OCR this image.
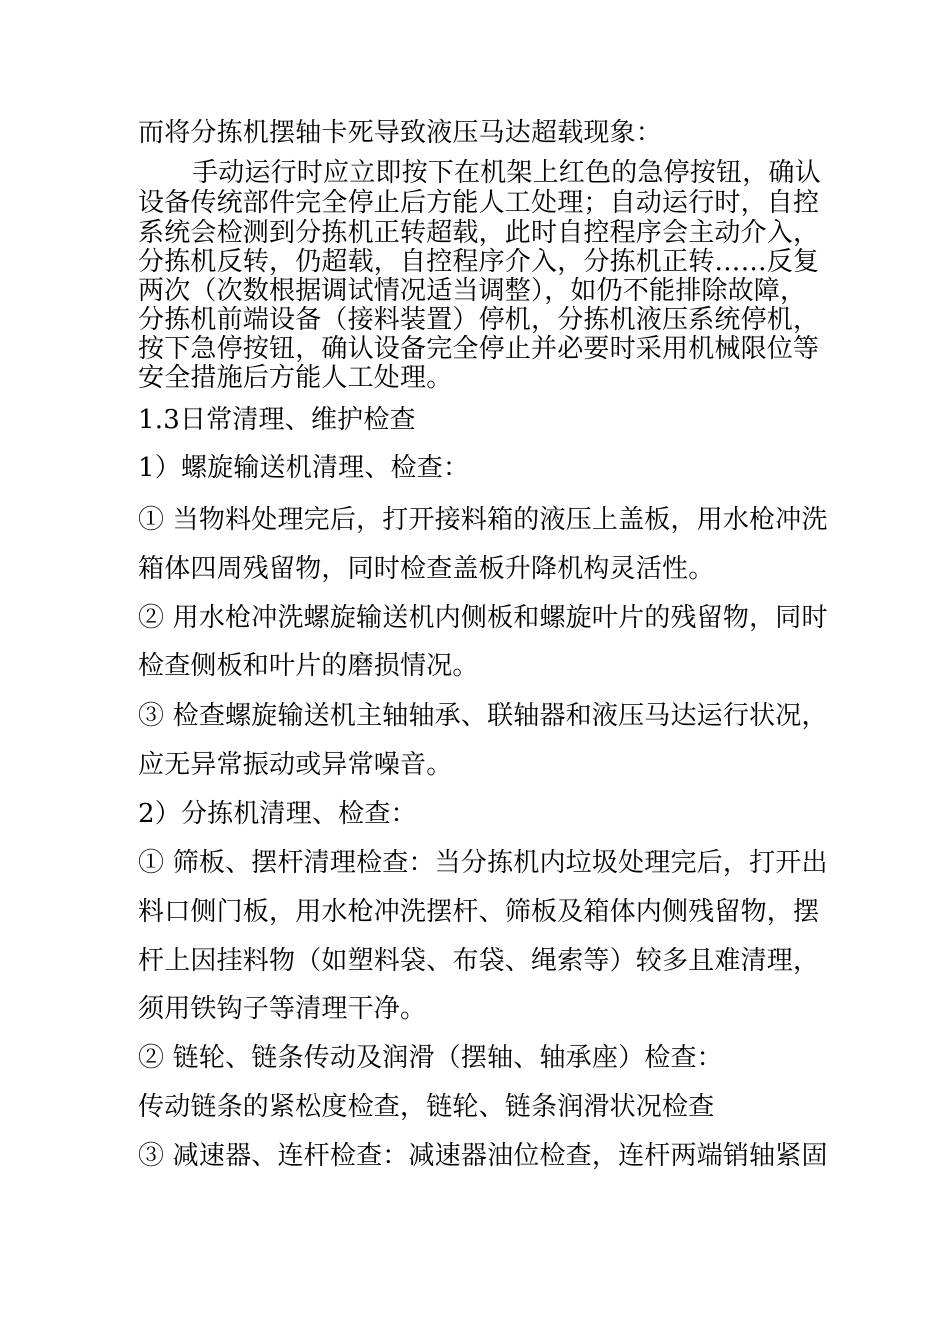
而将分拣机摆轴卡死导致液压马达超载现象：
手动运行时应立即按下在机架上红色的急停按钮，确认
设备传统部件完全停止后方能人工处理；自动运行时，自控
系统会检测到分拣机正转超载，此时自控程序会主动介入，
分拣机反转，仍超载，自控程序介入，分拣机正转……反复
两次（次数根据调试情况适当调整），如仍不能排除故障，
分拣机前端设备（接料装置）停机，分拣机液压系统停机，
按下急停按钮，确认设备完全停止并必要时采用机械限位等
安全措施后方能人工处理。
1.3日常清理、维护检查
1）螺旋输送机清理、检查：
① 当物料处理完后，打开接料箱的液压上盖板，用水枪冲洗
箱体四周残留物，同时检查盖板升降机构灵活性。
② 用水枪冲洗螺旋输送机内侧板和螺旋叶片的残留物，同时
检查侧板和叶片的磨损情况。
③ 检查螺旋输送机主轴轴承、联轴器和液压马达运行状况，
应无异常振动或异常噪音。
2）分拣机清理、检查：
① 筛板、摆杆清理检查：当分拣机内垃圾处理完后，打开出
料口侧门板，用水枪冲洗摆杆、筛板及箱体内侧残留物，摆
杆上因挂料物（如塑料袋、布袋、绳索等）较多且难清理，
须用铁钩子等清理干净。
② 链轮、链条传动及润滑（摆轴、轴承座）检查：
传动链条的紧松度检查，链轮、链条润滑状况检查
③ 减速器、连杆检查：减速器油位检查，连杆两端销轴紧固
